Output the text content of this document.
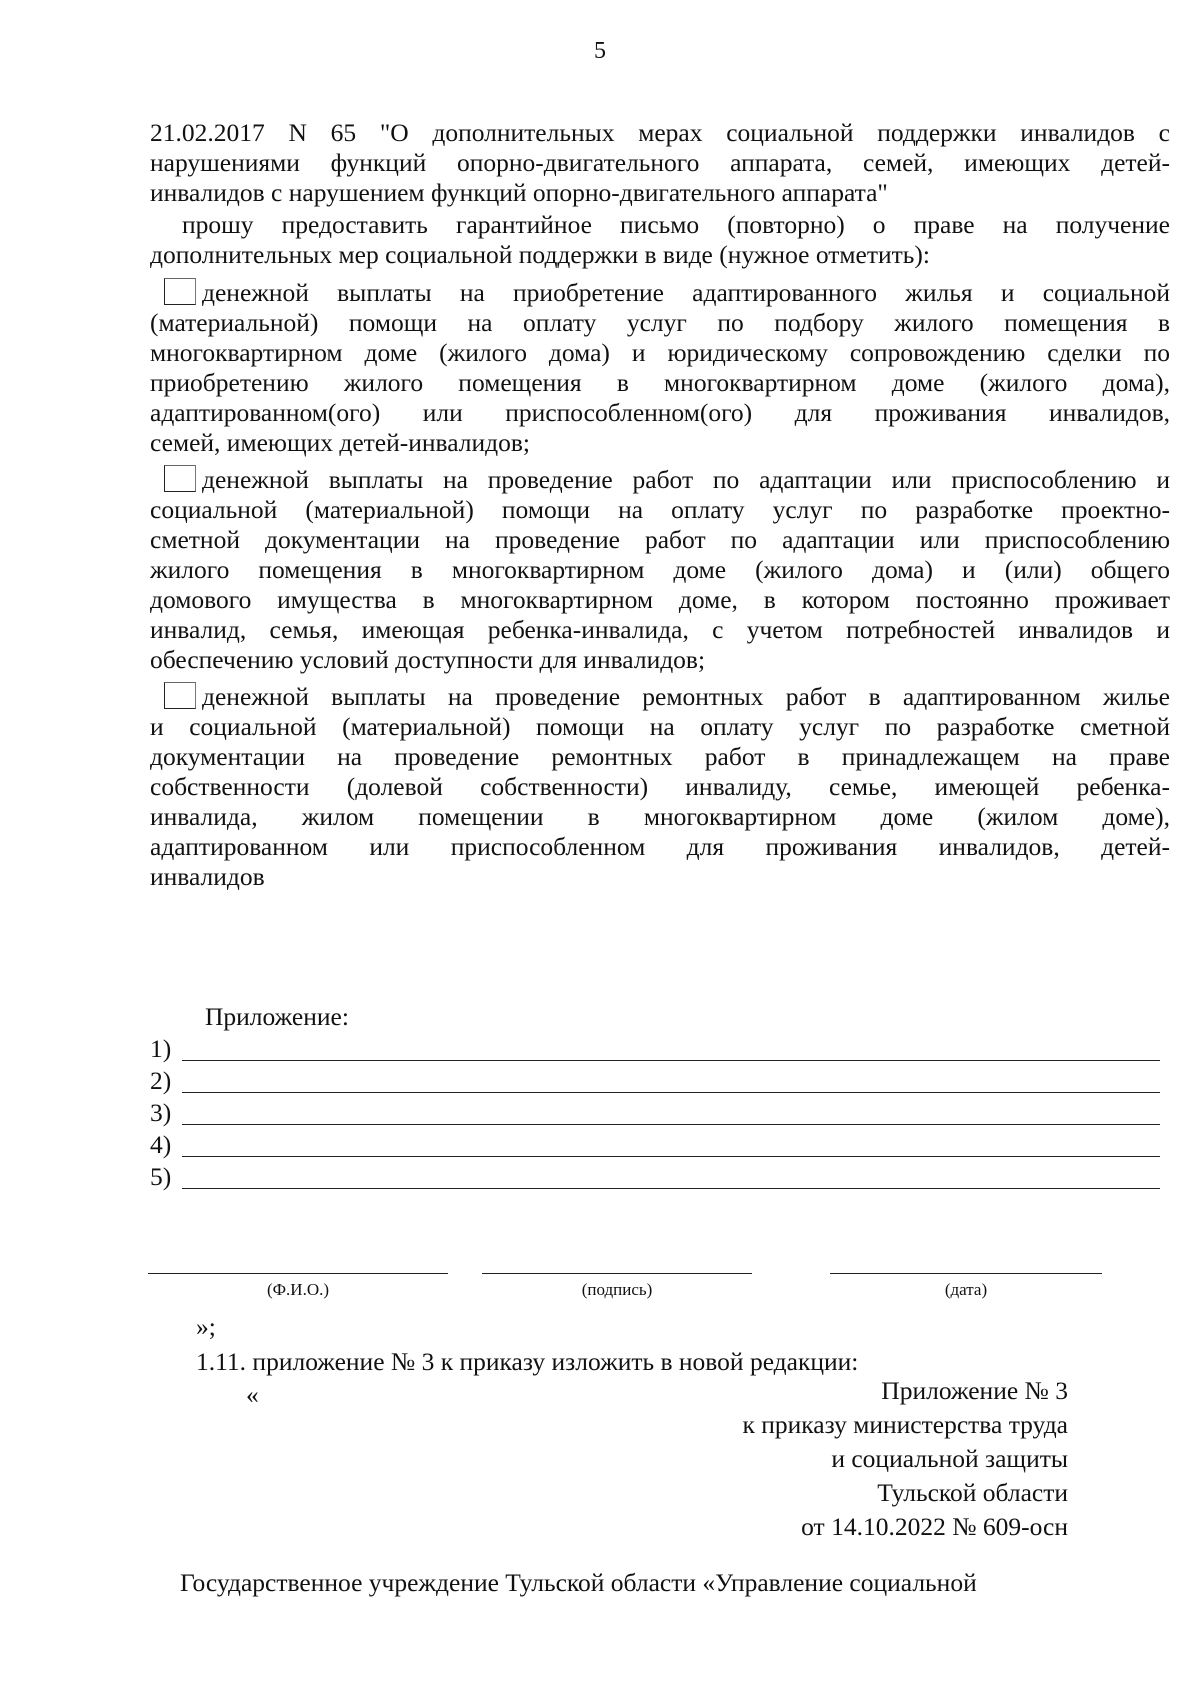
5
21.02.2017 N 65 "О дополнительных мерах социальной поддержки инвалидов с
нарушениями функций опорно-двигательного аппарата, семей, имеющих детей-
инвалидов с нарушением функций опорно-двигательного аппарата"
прошу предоставить гарантийное письмо (повторно) о праве на получение
дополнительных мер социальной поддержки в виде (нужное отметить):
денежной выплаты на приобретение адаптированного жилья и социальной
(материальной) помощи на оплату услуг по подбору жилого помещения в
многоквартирном доме (жилого дома) и юридическому сопровождению сделки по
приобретению жилого помещения в многоквартирном доме (жилого дома),
адаптированном(ого) или приспособленном(ого) для проживания инвалидов,
семей, имеющих детей-инвалидов;
денежной выплаты на проведение работ по адаптации или приспособлению и
социальной (материальной) помощи на оплату услуг по разработке проектно-
сметной документации на проведение работ по адаптации или приспособлению
жилого помещения в многоквартирном доме (жилого дома) и (или) общего
домового имущества в многоквартирном доме, в котором постоянно проживает
инвалид, семья, имеющая ребенка-инвалида, с учетом потребностей инвалидов и
обеспечению условий доступности для инвалидов;
денежной выплаты на проведение ремонтных работ в адаптированном жилье
и социальной (материальной) помощи на оплату услуг по разработке сметной
документации на проведение ремонтных работ в принадлежащем на праве
собственности (долевой собственности) инвалиду, семье, имеющей ребенка-
инвалида, жилом помещении в многоквартирном доме (жилом доме),
адаптированном или приспособленном для проживания инвалидов, детей-
инвалидов
Приложение:
1)
2)
3)
4)
5)
(Ф.И.О.)	(подпись)	(дата)
»;
1.11. приложение № 3 к приказу изложить в новой редакции:
«	Приложение № 3
к приказу министерства труда
и социальной защиты
Тульской области
от 14.10.2022 № 609-осн
Государственное учреждение Тульской области «Управление социальной
